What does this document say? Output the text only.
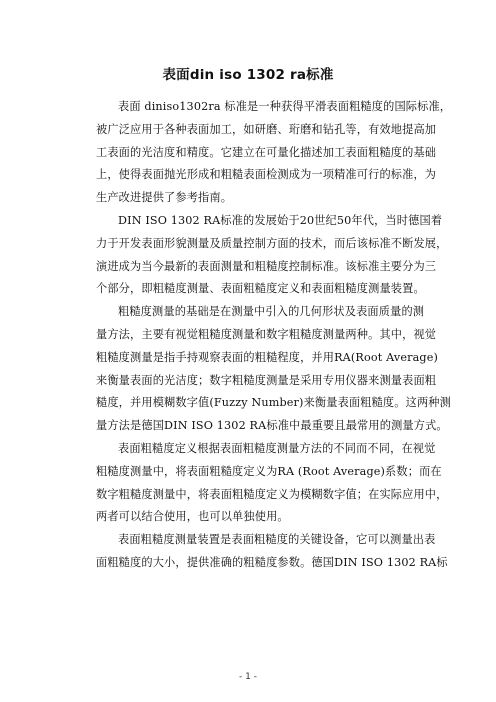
表面din iso 1302 ra标准

表面 diniso1302ra 标准是一种获得平滑表面粗糙度的国际标准，
被广泛应用于各种表面加工，如研磨、珩磨和钻孔等，有效地提高加
工表面的光洁度和精度。它建立在可量化描述加工表面粗糙度的基础
上，使得表面抛光形成和粗糙表面检测成为一项精准可行的标准，为
生产改进提供了参考指南。

DIN ISO 1302 RA标准的发展始于20世纪50年代，当时德国着
力于开发表面形貌测量及质量控制方面的技术，而后该标准不断发展，
演进成为当今最新的表面测量和粗糙度控制标准。该标准主要分为三
个部分，即粗糙度测量、表面粗糙度定义和表面粗糙度测量装置。

粗糙度测量的基础是在测量中引入的几何形状及表面质量的测
量方法，主要有视觉粗糙度测量和数字粗糙度测量两种。其中，视觉
粗糙度测量是指手持观察表面的粗糙程度，并用RA(Root Average)
来衡量表面的光洁度；数字粗糙度测量是采用专用仪器来测量表面粗
糙度，并用模糊数字值(Fuzzy Number)来衡量表面粗糙度。这两种测
量方法是德国DIN ISO 1302 RA标准中最重要且最常用的测量方式。

表面粗糙度定义根据表面粗糙度测量方法的不同而不同，在视觉
粗糙度测量中，将表面粗糙度定义为RA (Root Average)系数；而在
数字粗糙度测量中，将表面粗糙度定义为模糊数字值；在实际应用中，
两者可以结合使用，也可以单独使用。

表面粗糙度测量装置是表面粗糙度的关键设备，它可以测量出表
面粗糙度的大小，提供准确的粗糙度参数。德国DIN ISO 1302 RA标

- 1 -
